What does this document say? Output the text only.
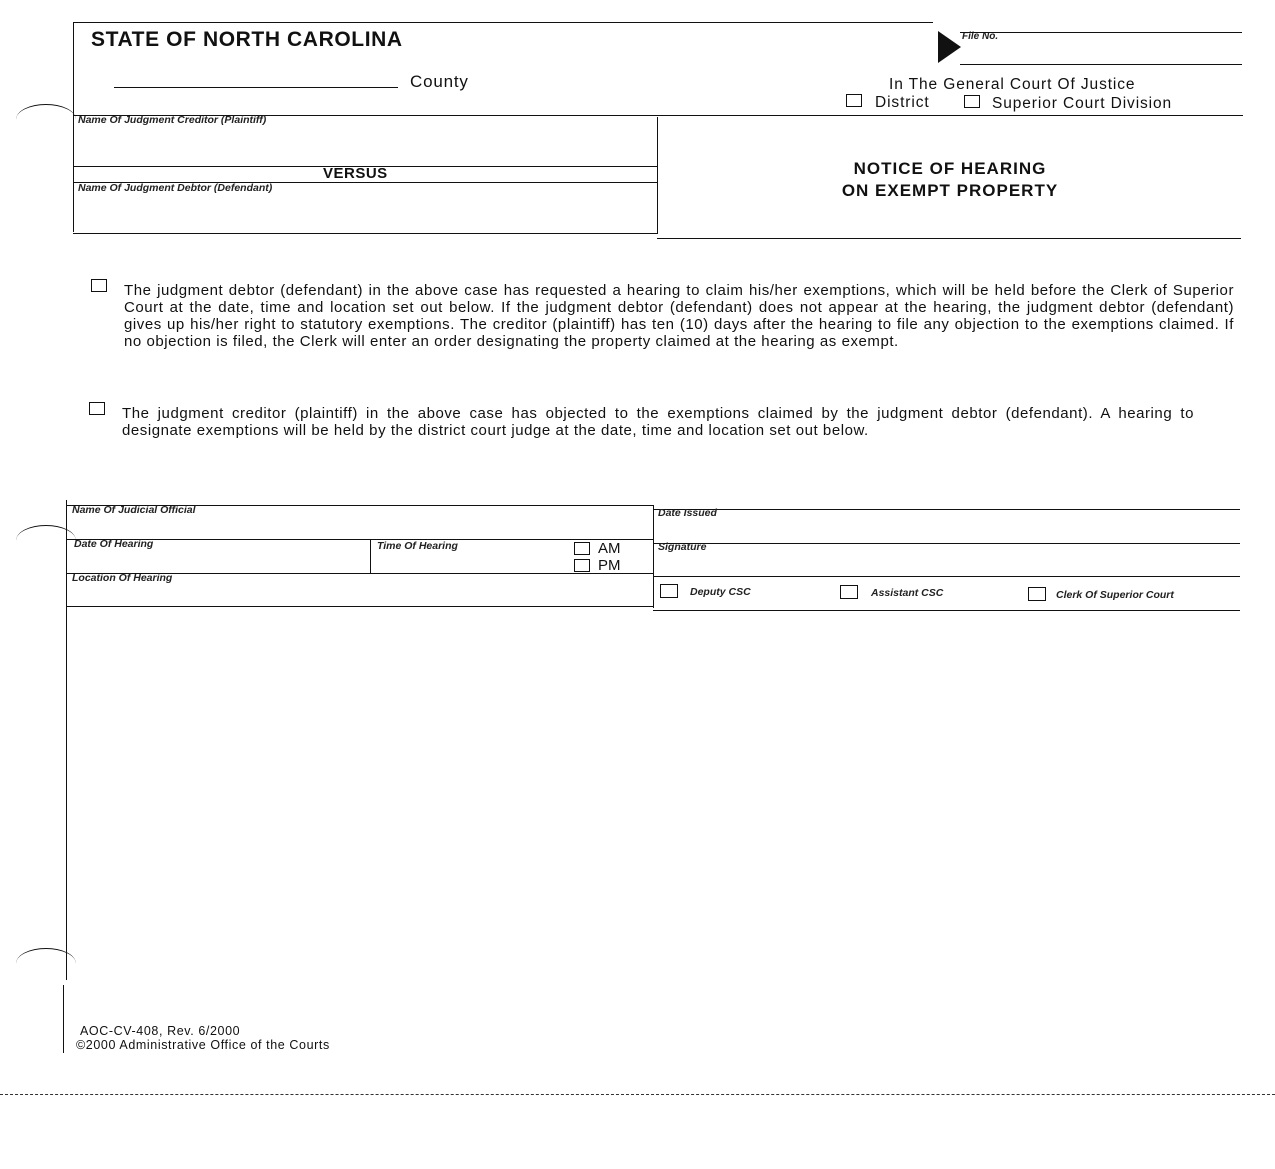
STATE OF NORTH CAROLINA
County
File No.
In The General Court Of Justice
District	Superior Court Division
Name Of Judgment Creditor (Plaintiff)
VERSUS
Name Of Judgment Debtor (Defendant)
NOTICE OF HEARING
ON EXEMPT PROPERTY
The judgment debtor (defendant) in the above case has requested a hearing to claim his/her exemptions, which will be held before the Clerk of Superior Court at the date, time and location set out below. If the judgment debtor (defendant) does not appear at the hearing, the judgment debtor (defendant) gives up his/her right to statutory exemptions. The creditor (plaintiff) has ten (10) days after the hearing to file any objection to the exemptions claimed. If no objection is filed, the Clerk will enter an order designating the property claimed at the hearing as exempt.
The judgment creditor (plaintiff) in the above case has objected to the exemptions claimed by the judgment debtor (defendant). A hearing to designate exemptions will be held by the district court judge at the date, time and location set out below.
Name Of Judicial Official	Date Issued
Date Of Hearing	Time Of Hearing	AM
PM
Signature
Location Of Hearing
Deputy CSC	Assistant CSC	Clerk Of Superior Court
AOC-CV-408, Rev. 6/2000
©2000 Administrative Office of the Courts
